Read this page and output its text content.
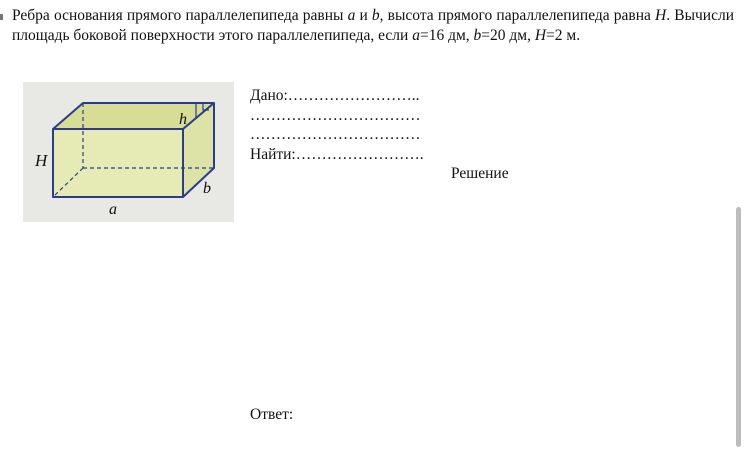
Ребра основания прямого параллелепипеда равны a и b, высота прямого параллелепипеда равна H. Вычисли площадь боковой поверхности этого параллелепипеда, если a=16 дм, b=20 дм, H=2 м.
H
h
b
a
Дано:……………………..
……………………………
……………………………
Найти:…………………….
Решение
Ответ:
